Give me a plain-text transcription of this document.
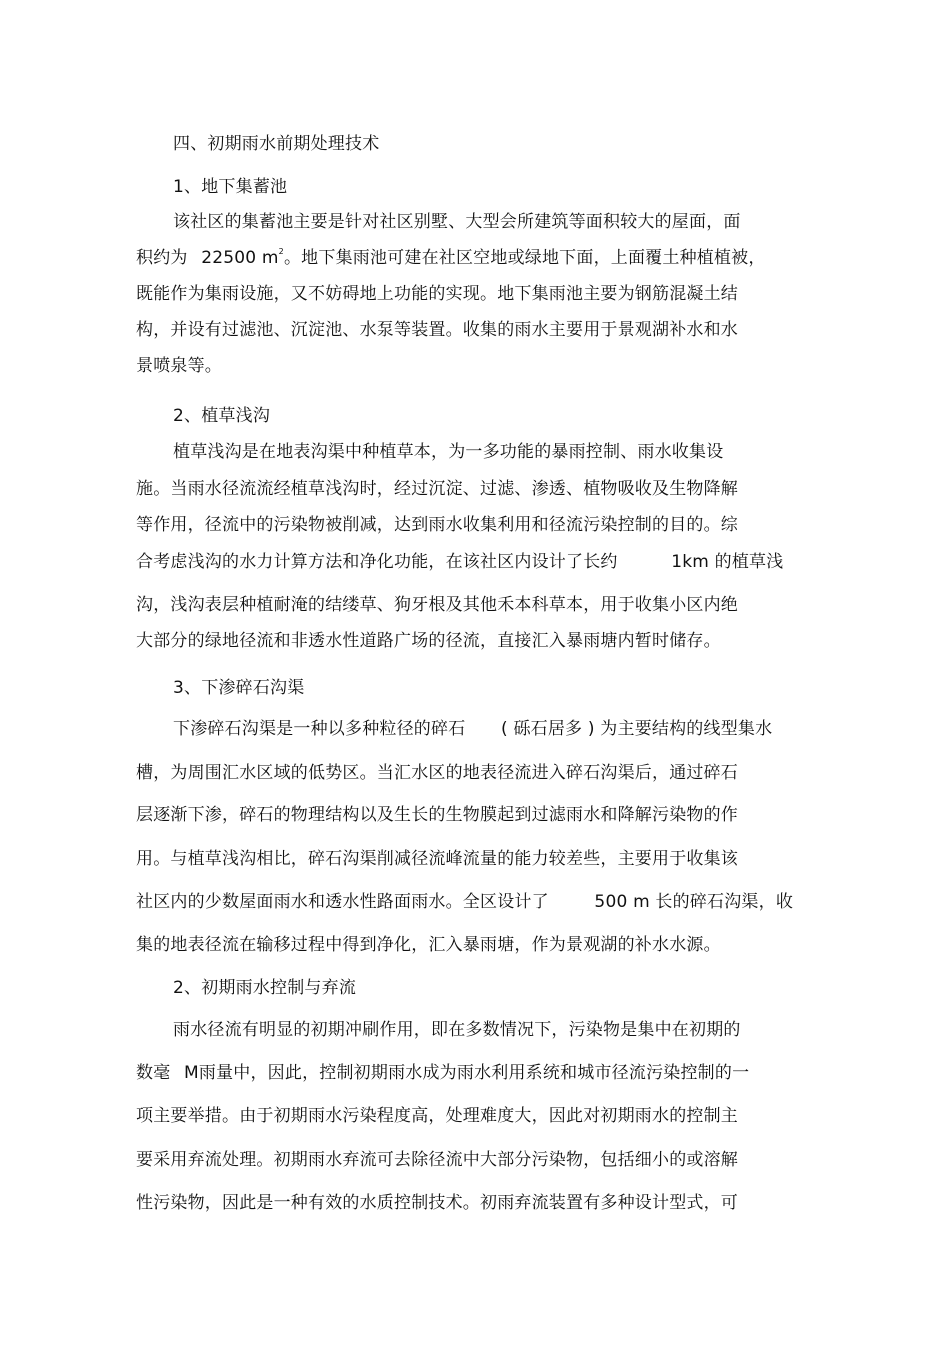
四、初期雨水前期处理技术
1、地下集蓄池
该社区的集蓄池主要是针对社区别墅、大型会所建筑等面积较大的屋面，面
积约为 22500 $m^2$。地下集雨池可建在社区空地或绿地下面，上面覆土种植植被，
既能作为集雨设施，又不妨碍地上功能的实现。地下集雨池主要为钢筋混凝土结
构，并设有过滤池、沉淀池、水泵等装置。收集的雨水主要用于景观湖补水和水
景喷泉等。
2、植草浅沟
植草浅沟是在地表沟渠中种植草本，为一多功能的暴雨控制、雨水收集设
施。当雨水径流流经植草浅沟时，经过沉淀、过滤、渗透、植物吸收及生物降解
等作用，径流中的污染物被削减，达到雨水收集利用和径流污染控制的目的。综
合考虑浅沟的水力计算方法和净化功能，在该社区内设计了长约	1km 的植草浅
沟，浅沟表层种植耐淹的结缕草、狗牙根及其他禾本科草本，用于收集小区内绝
大部分的绿地径流和非透水性道路广场的径流，直接汇入暴雨塘内暂时储存。
3、下渗碎石沟渠
下渗碎石沟渠是一种以多种粒径的碎石 ( 砾石居多 ) 为主要结构的线型集水
槽，为周围汇水区域的低势区。当汇水区的地表径流进入碎石沟渠后，通过碎石
层逐渐下渗，碎石的物理结构以及生长的生物膜起到过滤雨水和降解污染物的作
用。与植草浅沟相比，碎石沟渠削减径流峰流量的能力较差些，主要用于收集该
社区内的少数屋面雨水和透水性路面雨水。全区设计了	500 m 长的碎石沟渠，收
集的地表径流在输移过程中得到净化，汇入暴雨塘，作为景观湖的补水水源。
2、初期雨水控制与弃流
雨水径流有明显的初期冲刷作用，即在多数情况下，污染物是集中在初期的
数毫 M雨量中，因此，控制初期雨水成为雨水利用系统和城市径流污染控制的一
项主要举措。由于初期雨水污染程度高，处理难度大，因此对初期雨水的控制主
要采用弃流处理。初期雨水弃流可去除径流中大部分污染物，包括细小的或溶解
性污染物，因此是一种有效的水质控制技术。初雨弃流装置有多种设计型式，可
